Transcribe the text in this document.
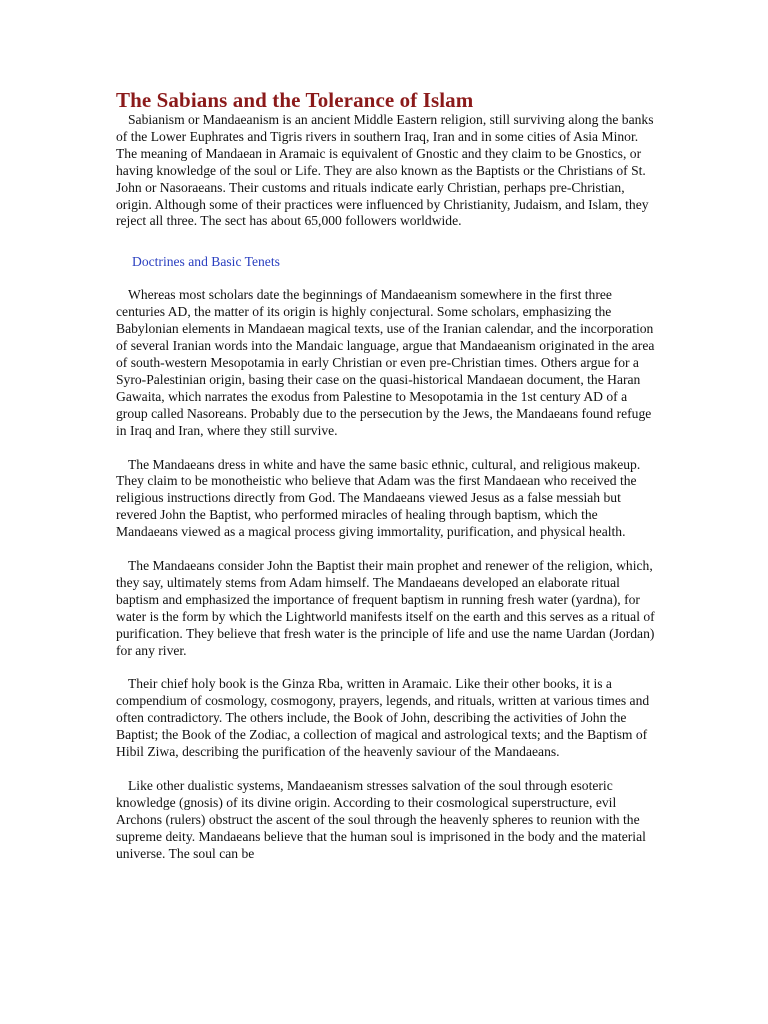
The Sabians and the Tolerance of Islam

Sabianism or Mandaeanism is an ancient Middle Eastern religion, still surviving along the banks of the Lower Euphrates and Tigris rivers in southern Iraq, Iran and in some cities of Asia Minor. The meaning of Mandaean in Aramaic is equivalent of Gnostic and they claim to be Gnostics, or having knowledge of the soul or Life. They are also known as the Baptists or the Christians of St. John or Nasoraeans. Their customs and rituals indicate early Christian, perhaps pre-Christian, origin. Although some of their practices were influenced by Christianity, Judaism, and Islam, they reject all three. The sect has about 65,000 followers worldwide.

Doctrines and Basic Tenets

Whereas most scholars date the beginnings of Mandaeanism somewhere in the first three centuries AD, the matter of its origin is highly conjectural. Some scholars, emphasizing the Babylonian elements in Mandaean magical texts, use of the Iranian calendar, and the incorporation of several Iranian words into the Mandaic language, argue that Mandaeanism originated in the area of south-western Mesopotamia in early Christian or even pre-Christian times. Others argue for a Syro-Palestinian origin, basing their case on the quasi-historical Mandaean document, the Haran Gawaita, which narrates the exodus from Palestine to Mesopotamia in the 1st century AD of a group called Nasoreans. Probably due to the persecution by the Jews, the Mandaeans found refuge in Iraq and Iran, where they still survive.

The Mandaeans dress in white and have the same basic ethnic, cultural, and religious makeup. They claim to be monotheistic who believe that Adam was the first Mandaean who received the religious instructions directly from God. The Mandaeans viewed Jesus as a false messiah but revered John the Baptist, who performed miracles of healing through baptism, which the Mandaeans viewed as a magical process giving immortality, purification, and physical health.

The Mandaeans consider John the Baptist their main prophet and renewer of the religion, which, they say, ultimately stems from Adam himself. The Mandaeans developed an elaborate ritual baptism and emphasized the importance of frequent baptism in running fresh water (yardna), for water is the form by which the Lightworld manifests itself on the earth and this serves as a ritual of purification. They believe that fresh water is the principle of life and use the name Uardan (Jordan) for any river.

Their chief holy book is the Ginza Rba, written in Aramaic. Like their other books, it is a compendium of cosmology, cosmogony, prayers, legends, and rituals, written at various times and often contradictory. The others include, the Book of John, describing the activities of John the Baptist; the Book of the Zodiac, a collection of magical and astrological texts; and the Baptism of Hibil Ziwa, describing the purification of the heavenly saviour of the Mandaeans.

Like other dualistic systems, Mandaeanism stresses salvation of the soul through esoteric knowledge (gnosis) of its divine origin. According to their cosmological superstructure, evil Archons (rulers) obstruct the ascent of the soul through the heavenly spheres to reunion with the supreme deity. Mandaeans believe that the human soul is imprisoned in the body and the material universe. The soul can be
